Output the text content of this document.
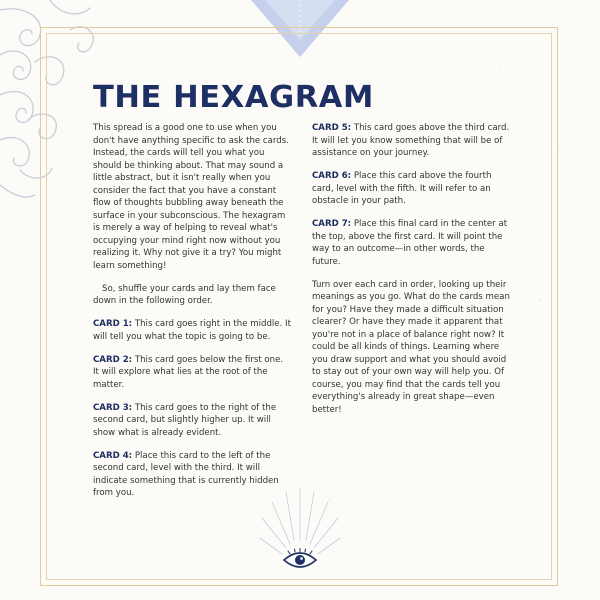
THE HEXAGRAM

This spread is a good one to use when you don't have anything specific to ask the cards. Instead, the cards will tell you what you should be thinking about. That may sound a little abstract, but it isn't really when you consider the fact that you have a constant flow of thoughts bubbling away beneath the surface in your subconscious. The hexagram is merely a way of helping to reveal what's occupying your mind right now without you realizing it. Why not give it a try? You might learn something!

So, shuffle your cards and lay them face down in the following order.

CARD 1: This card goes right in the middle. It will tell you what the topic is going to be.

CARD 2: This card goes below the first one. It will explore what lies at the root of the matter.

CARD 3: This card goes to the right of the second card, but slightly higher up. It will show what is already evident.

CARD 4: Place this card to the left of the second card, level with the third. It will indicate something that is currently hidden from you.

CARD 5: This card goes above the third card. It will let you know something that will be of assistance on your journey.

CARD 6: Place this card above the fourth card, level with the fifth. It will refer to an obstacle in your path.

CARD 7: Place this final card in the center at the top, above the first card. It will point the way to an outcome—in other words, the future.

Turn over each card in order, looking up their meanings as you go. What do the cards mean for you? Have they made a difficult situation clearer? Or have they made it apparent that you're not in a place of balance right now? It could be all kinds of things. Learning where you draw support and what you should avoid to stay out of your own way will help you. Of course, you may find that the cards tell you everything's already in great shape—even better!
